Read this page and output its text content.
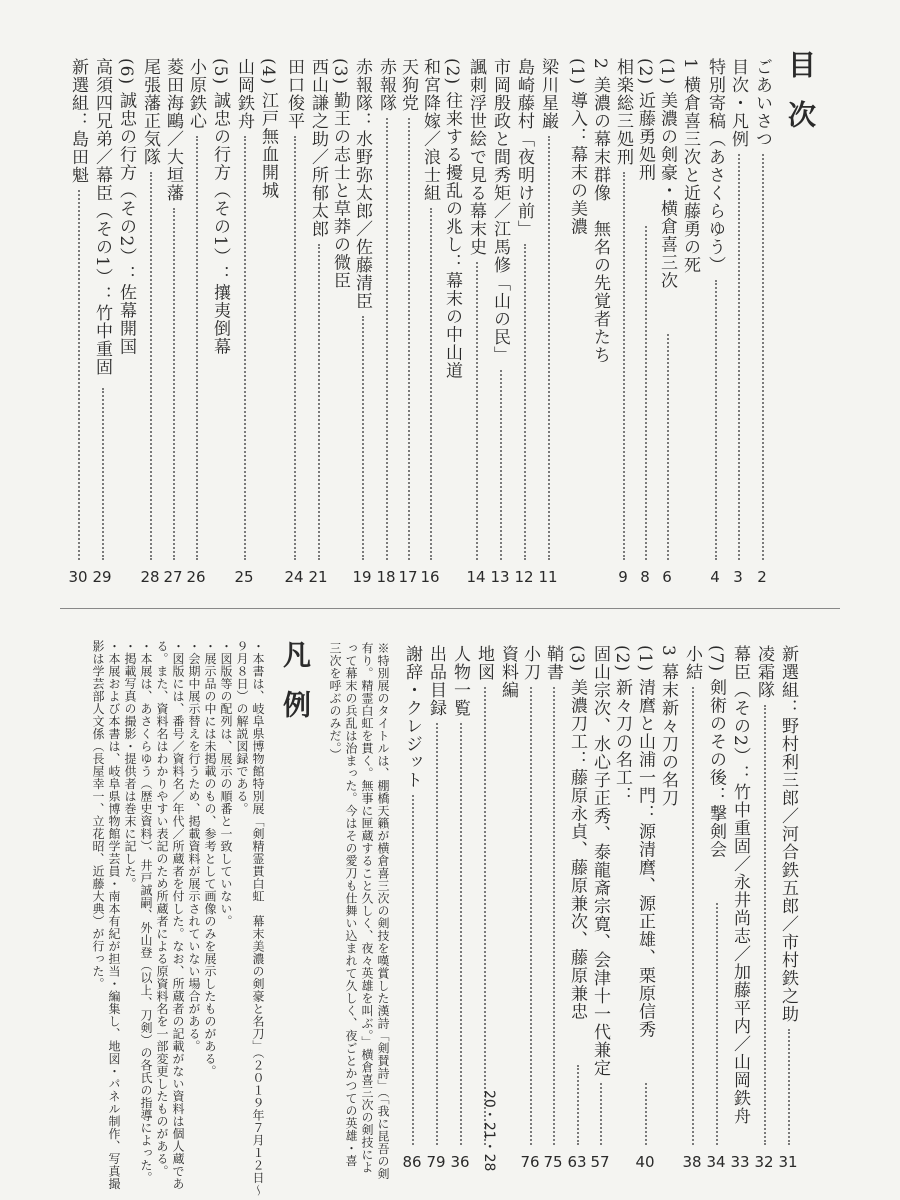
目次
ごあいさつ
2
目次・凡例
3
特別寄稿（あさくらゆう）
4
1 横倉喜三次と近藤勇の死
(1) 美濃の剣豪・横倉喜三次
6
(2) 近藤勇処刑
8
相楽総三処刑
9
2 美濃の幕末群像　無名の先覚者たち
(1) 導入：幕末の美濃
梁川星巌
11
島崎藤村「夜明け前」
12
市岡殷政と間秀矩／江馬修「山の民」
13
諷刺浮世絵で見る幕末史
14
(2) 往来する擾乱の兆し：幕末の中山道
和宮降嫁／浪士組
16
天狗党
17
赤報隊
18
赤報隊：水野弥太郎／佐藤清臣
19
(3) 勤王の志士と草莽の微臣
西山謙之助／所郁太郎
21
田口俊平
24
(4) 江戸無血開城
山岡鉄舟
25
(5) 誠忠の行方（その1）：攘夷倒幕
小原鉄心
26
菱田海鷗／大垣藩
27
尾張藩正気隊
28
(6) 誠忠の行方（その2）：佐幕開国
高須四兄弟／幕臣（その1）：竹中重固
29
新選組：島田魁
30
凡例	新選組：野村利三郎／河合鉄五郎／市村鉄之助
31
凌霜隊
32
幕臣（その2）：竹中重固／永井尚志／加藤平内／山岡鉄舟
33
(7) 剣術のその後：撃剣会
34
小結
38
3 幕末新々刀の名刀
(1) 清麿と山浦一門：源清麿、源正雄、栗原信秀
40
(2) 新々刀の名工：
固山宗次、水心子正秀、泰龍斎宗寛、会津十一代兼定
57
(3) 美濃刀工：藤原永貞、藤原兼次、藤原兼忠
63
鞘書
75
小刀
76
資料編
地図
20・21・28
人物一覧
36
出品目録
79
謝辞・クレジット
86
※特別展のタイトルは、棚橋天籟が横倉喜三次の剣技を嘆賞した漢詩「剣賛詩」（「我に昆吾の剣
有り。精霊白虹を貫く。無事に匣蔵すること久しく、夜々英雄を叫ぶ。」横倉喜三次の剣技によ
って幕末の兵乱は治まった。今はその愛刀も仕舞い込まれて久しく、夜ごとかつての英雄・喜
三次を呼ぶのみだ。）
・本書は、岐阜県博物館特別展「剣精霊貫白虹　幕末美濃の剣豪と名刀」（２０１９年７月１２日〜
９月８日）の解説図録である。
・図版等の配列は、展示の順番と一致していない。
・展示品の中には未掲載のもの、参考として画像のみを展示したものがある。
・会期中展示替えを行うため、掲載資料が展示されていない場合がある。
・図版には、番号／資料名／年代／所蔵者を付した。なお、所蔵者の記載がない資料は個人蔵であ
る。また、資料名はわかりやすい表記のため所蔵者による原資料名を一部変更したものがある。
・本展は、あさくらゆう（歴史資料）、井戸誠嗣、外山登（以上、刀剣）の各氏の指導によった。
・掲載写真の撮影・提供者は巻末に記した。
・本展および本書は、岐阜県博物館学芸員・南本有紀が担当・編集し、地図・パネル制作、写真撮
影は学芸部人文係（長屋幸一、立花昭、近藤大典）が行った。
